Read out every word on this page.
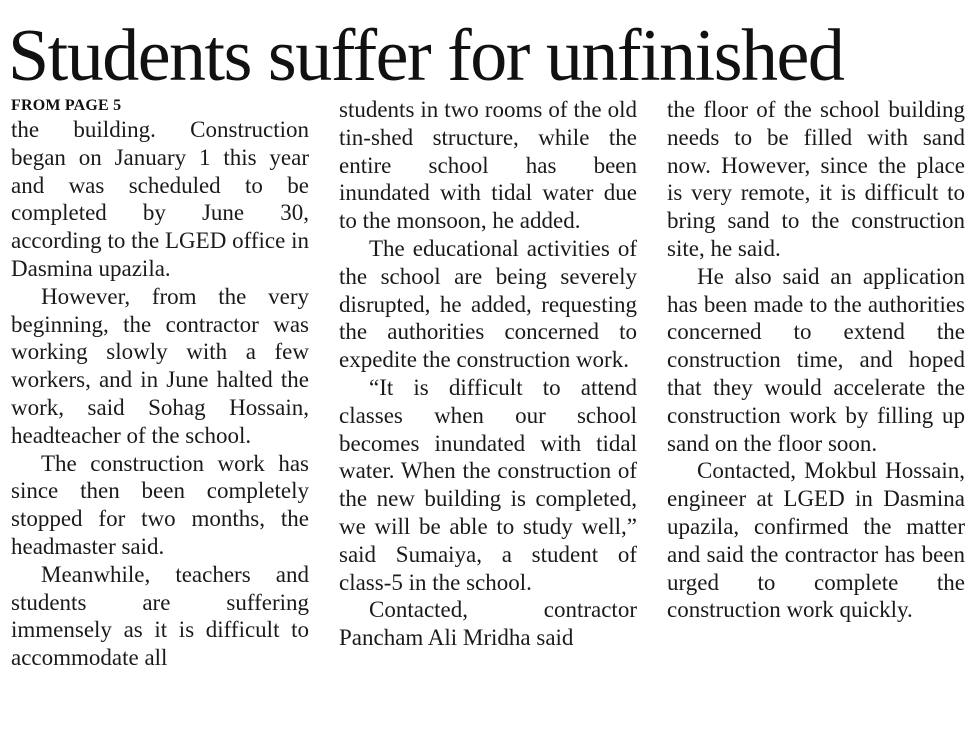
Students suffer for unfinished
FROM PAGE 5

the building. Construction began on January 1 this year and was scheduled to be completed by June 30, according to the LGED office in Dasmina upazila.

However, from the very beginning, the contractor was working slowly with a few workers, and in June halted the work, said Sohag Hossain, headteacher of the school.

The construction work has since then been completely stopped for two months, the headmaster said.

Meanwhile, teachers and students are suffering immensely as it is difficult to accommodate all

students in two rooms of the old tin-shed structure, while the entire school has been inundated with tidal water due to the monsoon, he added.

The educational activities of the school are being severely disrupted, he added, requesting the authorities concerned to expedite the construction work.

“It is difficult to attend classes when our school becomes inundated with tidal water. When the construction of the new building is completed, we will be able to study well,” said Sumaiya, a student of class-5 in the school.

Contacted, contractor Pancham Ali Mridha said

the floor of the school building needs to be filled with sand now. However, since the place is very remote, it is difficult to bring sand to the construction site, he said.

He also said an application has been made to the authorities concerned to extend the construction time, and hoped that they would accelerate the construction work by filling up sand on the floor soon.

Contacted, Mokbul Hossain, engineer at LGED in Dasmina upazila, confirmed the matter and said the contractor has been urged to complete the construction work quickly.
